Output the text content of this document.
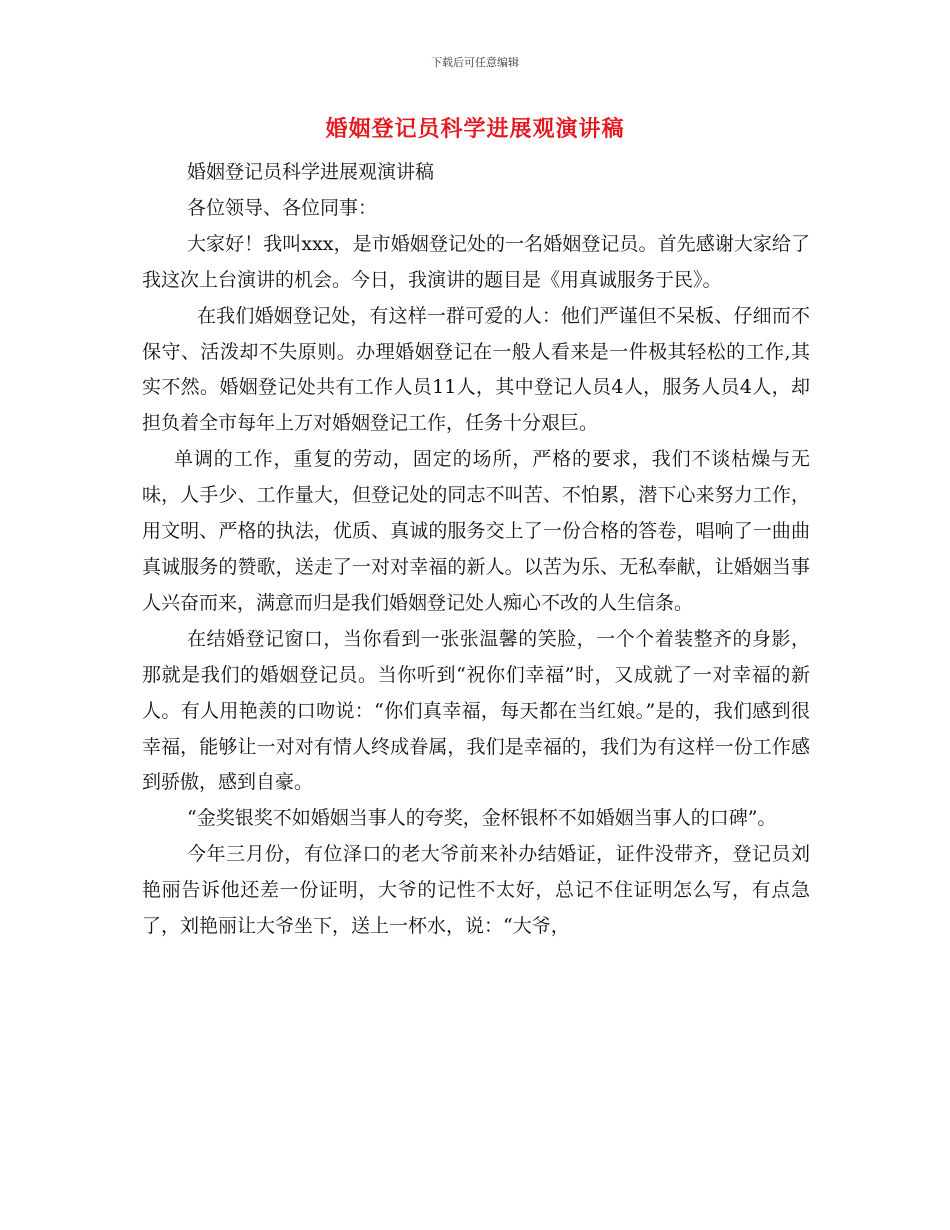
下载后可任意编辑
婚姻登记员科学进展观演讲稿

婚姻登记员科学进展观演讲稿

各位领导、各位同事：

大家好！我叫xxx，是市婚姻登记处的一名婚姻登记员。首先感谢大家给了我这次上台演讲的机会。今日，我演讲的题目是《用真诚服务于民》。

在我们婚姻登记处，有这样一群可爱的人：他们严谨但不呆板、仔细而不保守、活泼却不失原则。办理婚姻登记在一般人看来是一件极其轻松的工作,其实不然。婚姻登记处共有工作人员11人，其中登记人员4人，服务人员4人，却担负着全市每年上万对婚姻登记工作，任务十分艰巨。

单调的工作，重复的劳动，固定的场所，严格的要求，我们不谈枯燥与无味，人手少、工作量大，但登记处的同志不叫苦、不怕累，潜下心来努力工作，用文明、严格的执法，优质、真诚的服务交上了一份合格的答卷，唱响了一曲曲真诚服务的赞歌，送走了一对对幸福的新人。以苦为乐、无私奉献，让婚姻当事人兴奋而来，满意而归是我们婚姻登记处人痴心不改的人生信条。

在结婚登记窗口，当你看到一张张温馨的笑脸，一个个着装整齐的身影，那就是我们的婚姻登记员。当你听到“祝你们幸福”时，又成就了一对幸福的新人。有人用艳羡的口吻说：“你们真幸福，每天都在当红娘。”是的，我们感到很幸福，能够让一对对有情人终成眷属，我们是幸福的，我们为有这样一份工作感到骄傲，感到自豪。

“金奖银奖不如婚姻当事人的夸奖，金杯银杯不如婚姻当事人的口碑”。

今年三月份，有位泽口的老大爷前来补办结婚证，证件没带齐，登记员刘艳丽告诉他还差一份证明，大爷的记性不太好，总记不住证明怎么写，有点急了，刘艳丽让大爷坐下，送上一杯水，说：“大爷，
